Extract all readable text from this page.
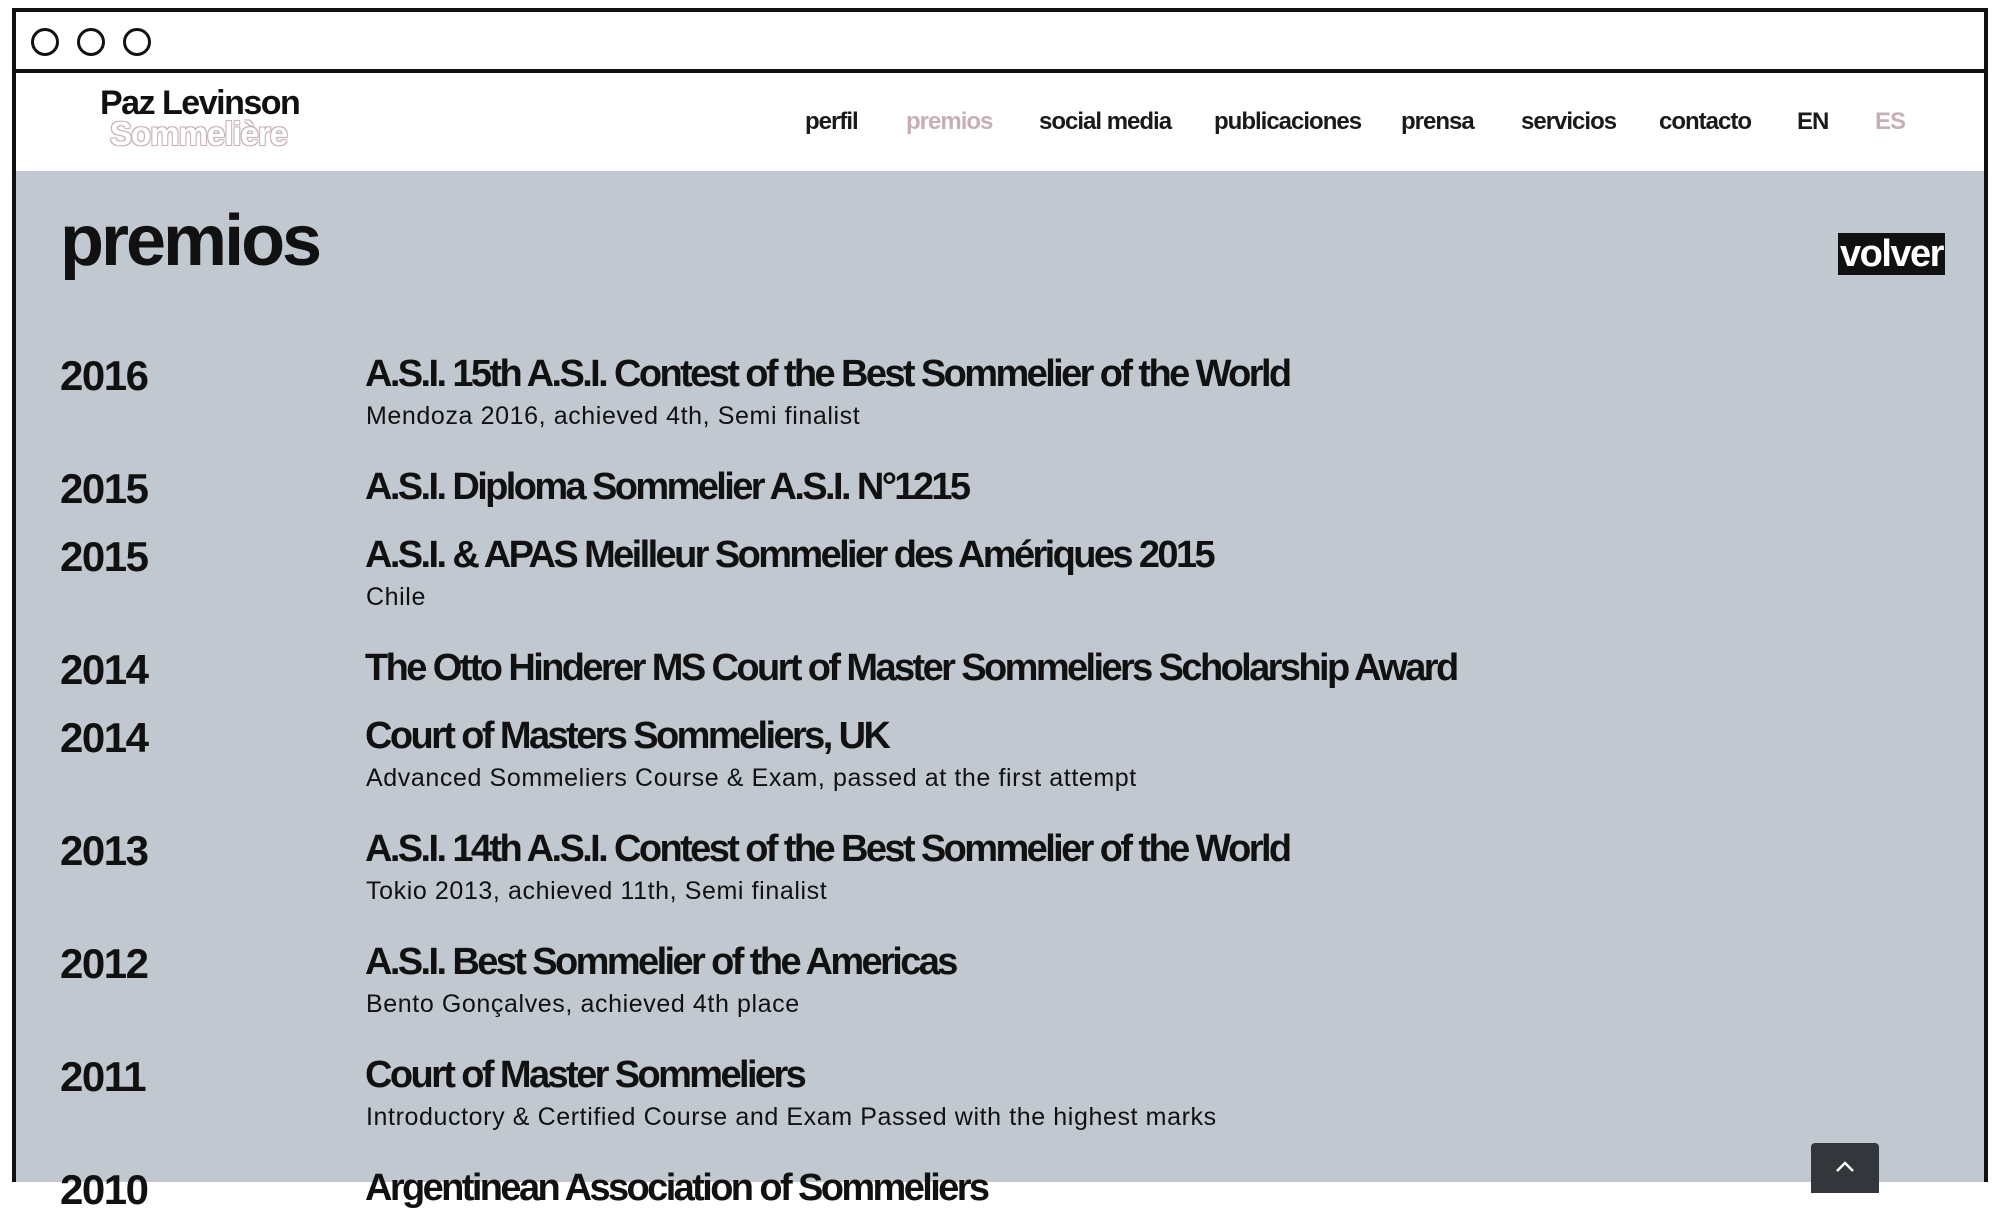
Paz Levinson
Sommelière	perfil premios social media publicaciones prensa servicios contacto EN ES
premios	volver
2016	A.S.I. 15th A.S.I. Contest of the Best Sommelier of the World
Mendoza 2016, achieved 4th, Semi finalist
2015	A.S.I. Diploma Sommelier A.S.I. N°1215
2015	A.S.I. & APAS Meilleur Sommelier des Amériques 2015
Chile
2014	The Otto Hinderer MS Court of Master Sommeliers Scholarship Award
2014	Court of Masters Sommeliers, UK
Advanced Sommeliers Course & Exam, passed at the first attempt
2013	A.S.I. 14th A.S.I. Contest of the Best Sommelier of the World
Tokio 2013, achieved 11th, Semi finalist
2012	A.S.I. Best Sommelier of the Americas
Bento Gonçalves, achieved 4th place
2011	Court of Master Sommeliers
Introductory & Certified Course and Exam Passed with the highest marks
2010	Argentinean Association of Sommeliers
